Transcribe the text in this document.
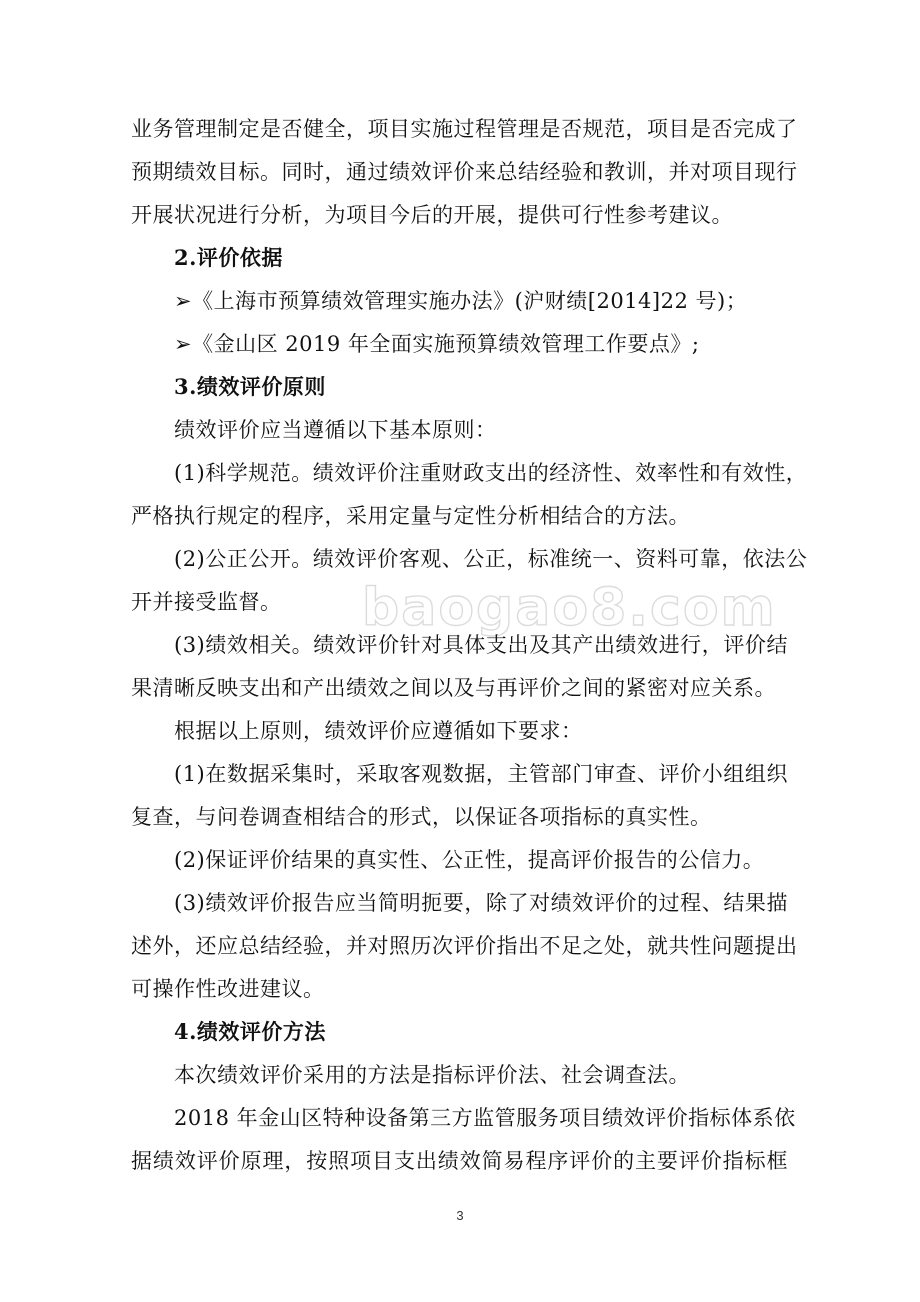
baogao8.com
业务管理制定是否健全，项目实施过程管理是否规范，项目是否完成了
预期绩效目标。同时，通过绩效评价来总结经验和教训，并对项目现行
开展状况进行分析，为项目今后的开展，提供可行性参考建议。
2.评价依据
➢《上海市预算绩效管理实施办法》(沪财绩[2014]22 号)；
➢《金山区 2019 年全面实施预算绩效管理工作要点》;
3.绩效评价原则
绩效评价应当遵循以下基本原则：
(1)科学规范。绩效评价注重财政支出的经济性、效率性和有效性，
严格执行规定的程序，采用定量与定性分析相结合的方法。
(2)公正公开。绩效评价客观、公正，标准统一、资料可靠，依法公
开并接受监督。
(3)绩效相关。绩效评价针对具体支出及其产出绩效进行，评价结
果清晰反映支出和产出绩效之间以及与再评价之间的紧密对应关系。
根据以上原则，绩效评价应遵循如下要求：
(1)在数据采集时，采取客观数据，主管部门审查、评价小组组织
复查，与问卷调查相结合的形式，以保证各项指标的真实性。
(2)保证评价结果的真实性、公正性，提高评价报告的公信力。
(3)绩效评价报告应当简明扼要，除了对绩效评价的过程、结果描
述外，还应总结经验，并对照历次评价指出不足之处，就共性问题提出
可操作性改进建议。
4.绩效评价方法
本次绩效评价采用的方法是指标评价法、社会调查法。
2018 年金山区特种设备第三方监管服务项目绩效评价指标体系依
据绩效评价原理，按照项目支出绩效简易程序评价的主要评价指标框
3
